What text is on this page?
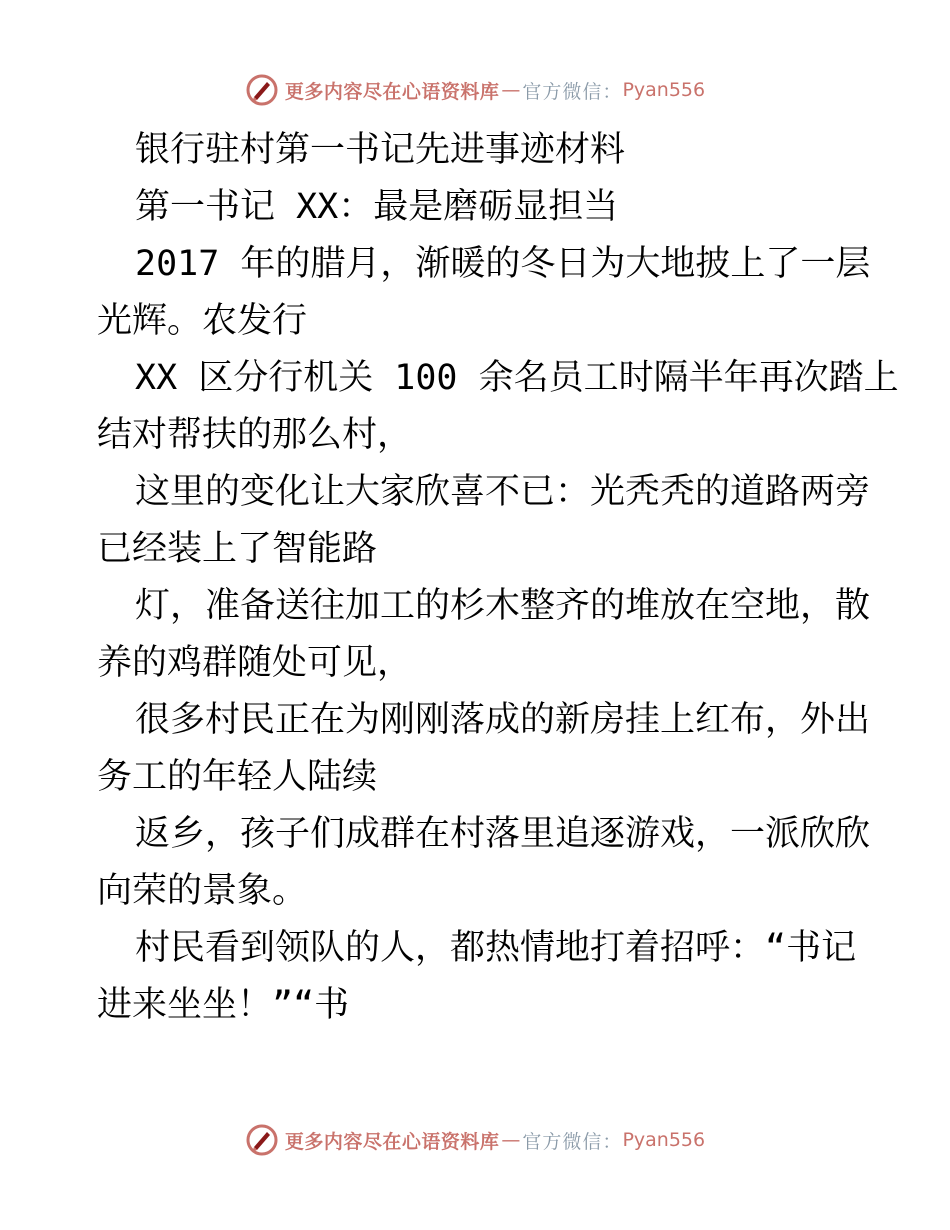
更多内容尽在心语资料库 — 官方微信： Pyan556
银行驻村第一书记先进事迹材料
第一书记 XX：最是磨砺显担当
2017 年的腊月，渐暖的冬日为大地披上了一层
光辉。农发行
XX 区分行机关 100 余名员工时隔半年再次踏上
结对帮扶的那么村，
这里的变化让大家欣喜不已：光秃秃的道路两旁
已经装上了智能路
灯，准备送往加工的杉木整齐的堆放在空地，散
养的鸡群随处可见，
很多村民正在为刚刚落成的新房挂上红布，外出
务工的年轻人陆续
返乡，孩子们成群在村落里追逐游戏，一派欣欣
向荣的景象。
村民看到领队的人，都热情地打着招呼：“书记
进来坐坐！”“书
更多内容尽在心语资料库 — 官方微信： Pyan556
